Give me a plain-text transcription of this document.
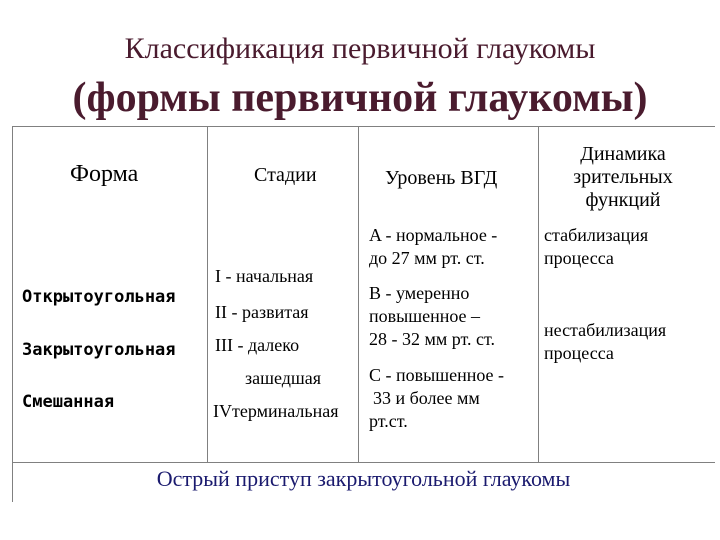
Классификация первичной глаукомы
(формы первичной глаукомы)
Форма	Стадии	Уровень ВГД
Динамика
зрительных
функций
Открытоугольная
Закрытоугольная
Смешанная
I - начальная
II - развитая
III - далеко
зашедшая
IVтерминальная
A - нормальное -
до 27 мм рт. ст.
B - умеренно
повышенное –
28 - 32 мм рт. ст.
C - повышенное -
33 и более мм
рт.ст.
стабилизация
процесса
нестабилизация
процесса
Острый приступ закрытоугольной глаукомы
